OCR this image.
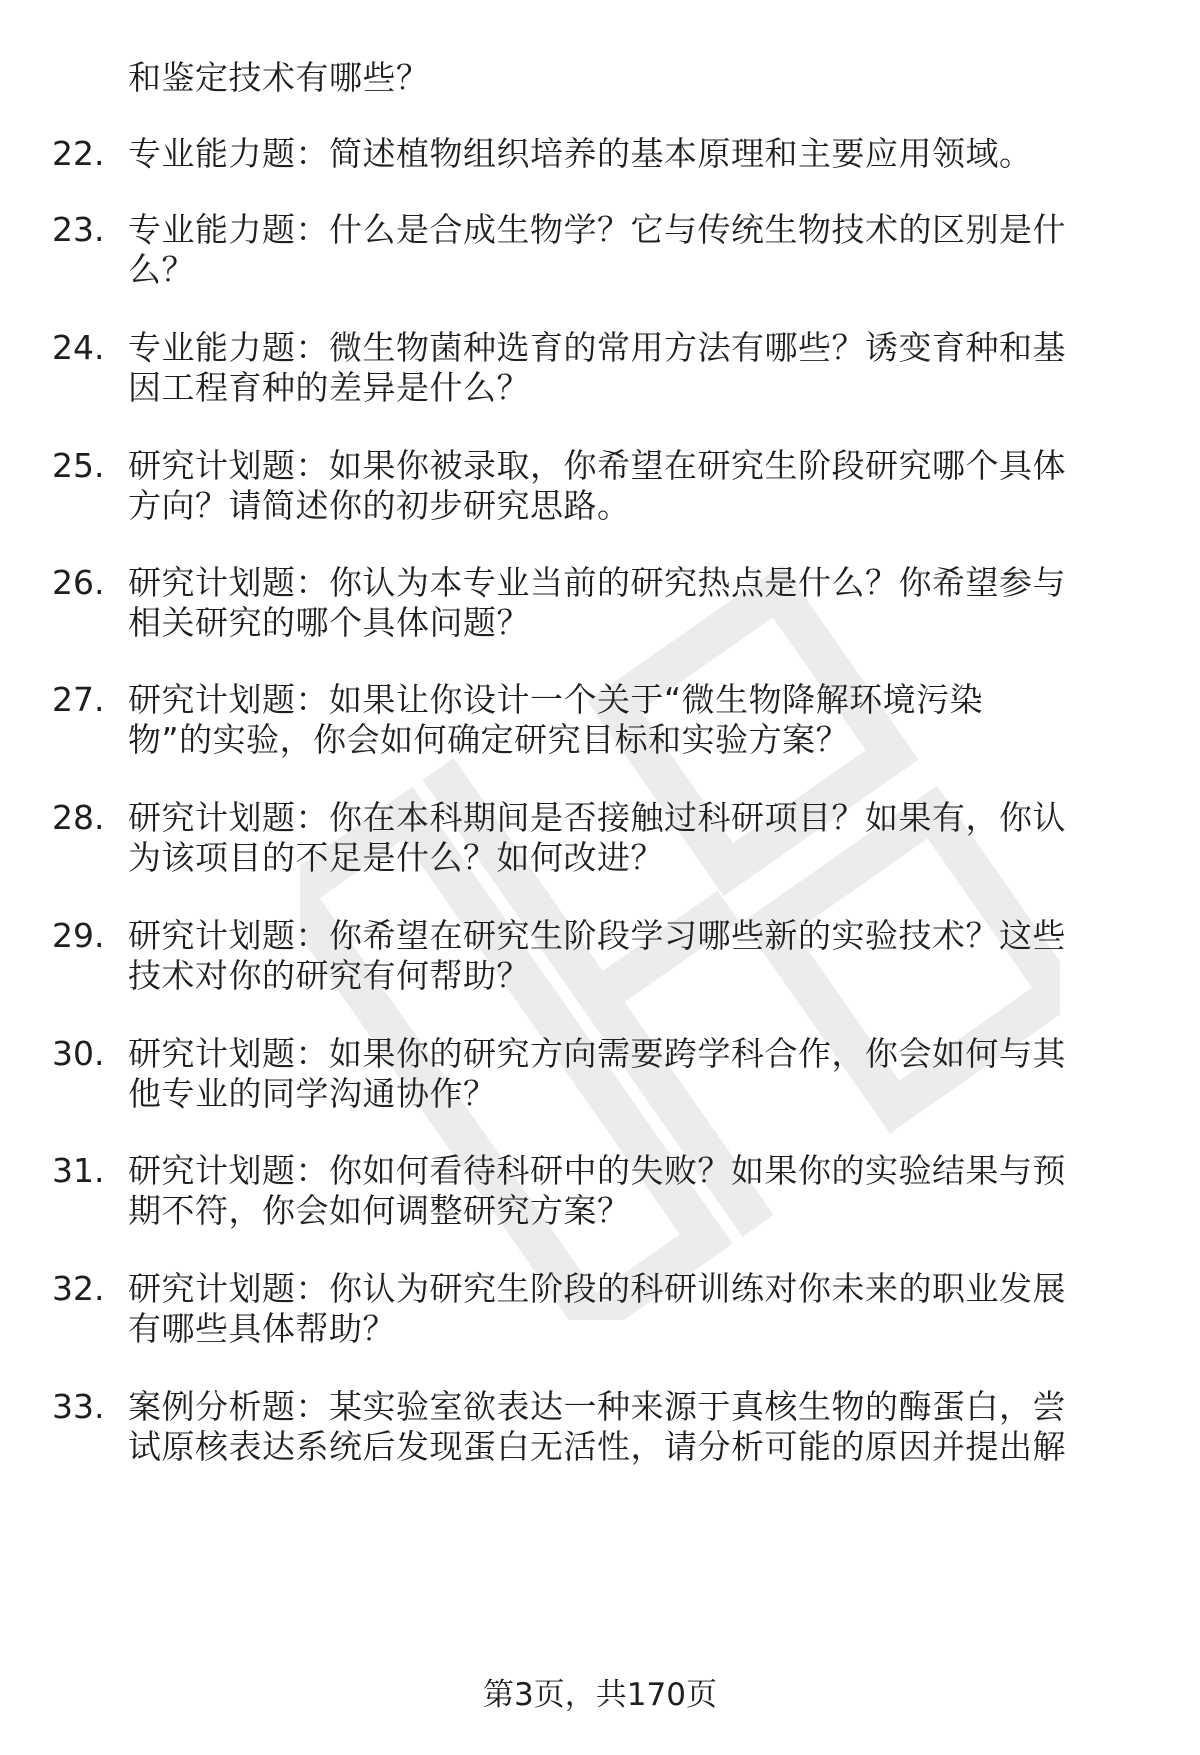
和鉴定技术有哪些？
22. 专业能力题：简述植物组织培养的基本原理和主要应用领域。
23. 专业能力题：什么是合成生物学？它与传统生物技术的区别是什
么？
24. 专业能力题：微生物菌种选育的常用方法有哪些？诱变育种和基
因工程育种的差异是什么？
25. 研究计划题：如果你被录取，你希望在研究生阶段研究哪个具体
方向？请简述你的初步研究思路。
26. 研究计划题：你认为本专业当前的研究热点是什么？你希望参与
相关研究的哪个具体问题？
27. 研究计划题：如果让你设计一个关于“微生物降解环境污染
物”的实验，你会如何确定研究目标和实验方案？
28. 研究计划题：你在本科期间是否接触过科研项目？如果有，你认
为该项目的不足是什么？如何改进？
29. 研究计划题：你希望在研究生阶段学习哪些新的实验技术？这些
技术对你的研究有何帮助？
30. 研究计划题：如果你的研究方向需要跨学科合作，你会如何与其
他专业的同学沟通协作？
31. 研究计划题：你如何看待科研中的失败？如果你的实验结果与预
期不符，你会如何调整研究方案？
32. 研究计划题：你认为研究生阶段的科研训练对你未来的职业发展
有哪些具体帮助？
33. 案例分析题：某实验室欲表达一种来源于真核生物的酶蛋白，尝
试原核表达系统后发现蛋白无活性，请分析可能的原因并提出解
第3页，共170页
